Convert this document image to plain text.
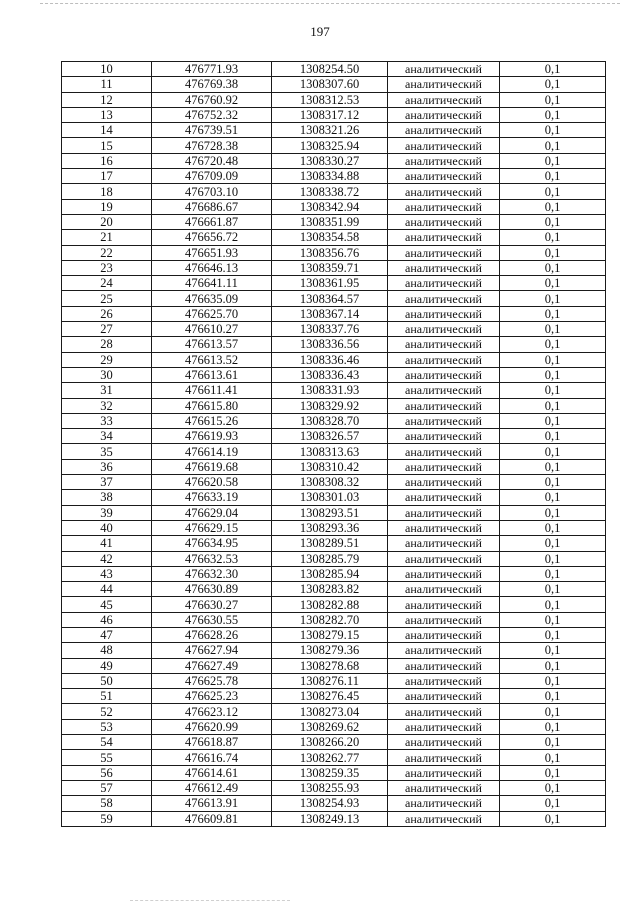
197
10	476771.93	1308254.50	аналитический	0,1
11	476769.38	1308307.60	аналитический	0,1
12	476760.92	1308312.53	аналитический	0,1
13	476752.32	1308317.12	аналитический	0,1
14	476739.51	1308321.26	аналитический	0,1
15	476728.38	1308325.94	аналитический	0,1
16	476720.48	1308330.27	аналитический	0,1
17	476709.09	1308334.88	аналитический	0,1
18	476703.10	1308338.72	аналитический	0,1
19	476686.67	1308342.94	аналитический	0,1
20	476661.87	1308351.99	аналитический	0,1
21	476656.72	1308354.58	аналитический	0,1
22	476651.93	1308356.76	аналитический	0,1
23	476646.13	1308359.71	аналитический	0,1
24	476641.11	1308361.95	аналитический	0,1
25	476635.09	1308364.57	аналитический	0,1
26	476625.70	1308367.14	аналитический	0,1
27	476610.27	1308337.76	аналитический	0,1
28	476613.57	1308336.56	аналитический	0,1
29	476613.52	1308336.46	аналитический	0,1
30	476613.61	1308336.43	аналитический	0,1
31	476611.41	1308331.93	аналитический	0,1
32	476615.80	1308329.92	аналитический	0,1
33	476615.26	1308328.70	аналитический	0,1
34	476619.93	1308326.57	аналитический	0,1
35	476614.19	1308313.63	аналитический	0,1
36	476619.68	1308310.42	аналитический	0,1
37	476620.58	1308308.32	аналитический	0,1
38	476633.19	1308301.03	аналитический	0,1
39	476629.04	1308293.51	аналитический	0,1
40	476629.15	1308293.36	аналитический	0,1
41	476634.95	1308289.51	аналитический	0,1
42	476632.53	1308285.79	аналитический	0,1
43	476632.30	1308285.94	аналитический	0,1
44	476630.89	1308283.82	аналитический	0,1
45	476630.27	1308282.88	аналитический	0,1
46	476630.55	1308282.70	аналитический	0,1
47	476628.26	1308279.15	аналитический	0,1
48	476627.94	1308279.36	аналитический	0,1
49	476627.49	1308278.68	аналитический	0,1
50	476625.78	1308276.11	аналитический	0,1
51	476625.23	1308276.45	аналитический	0,1
52	476623.12	1308273.04	аналитический	0,1
53	476620.99	1308269.62	аналитический	0,1
54	476618.87	1308266.20	аналитический	0,1
55	476616.74	1308262.77	аналитический	0,1
56	476614.61	1308259.35	аналитический	0,1
57	476612.49	1308255.93	аналитический	0,1
58	476613.91	1308254.93	аналитический	0,1
59	476609.81	1308249.13	аналитический	0,1
